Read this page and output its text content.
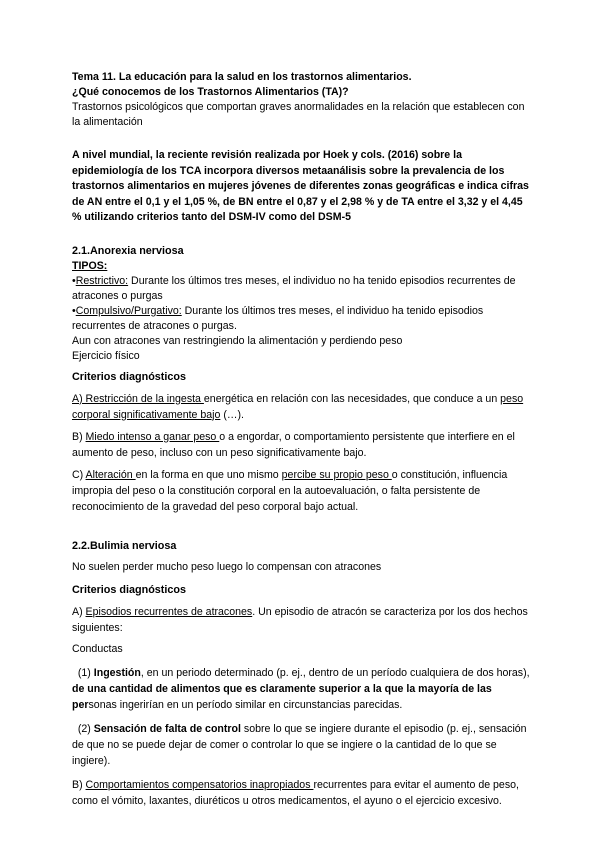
Tema 11. La educación para la salud en los trastornos alimentarios.

¿Qué conocemos de los Trastornos Alimentarios (TA)?

Trastornos psicológicos que comportan graves anormalidades en la relación que establecen con la alimentación

A nivel mundial, la reciente revisión realizada por Hoek y cols. (2016) sobre la epidemiología de los TCA incorpora diversos metaanálisis sobre la prevalencia de los trastornos alimentarios en mujeres jóvenes de diferentes zonas geográficas e indica cifras de AN entre el 0,1 y el 1,05 %, de BN entre el 0,87 y el 2,98 % y de TA entre el 3,32 y el 4,45 % utilizando criterios tanto del DSM-IV como del DSM-5

2.1.Anorexia nerviosa

TIPOS:

•Restrictivo: Durante los últimos tres meses, el individuo no ha tenido episodios recurrentes de atracones o purgas

•Compulsivo/Purgativo: Durante los últimos tres meses, el individuo ha tenido episodios recurrentes de atracones o purgas.

Aun con atracones van restringiendo la alimentación y perdiendo peso

Ejercicio físico

Criterios diagnósticos

A) Restricción de la ingesta energética en relación con las necesidades, que conduce a un peso corporal significativamente bajo (…).

B) Miedo intenso a ganar peso o a engordar, o comportamiento persistente que interfiere en el aumento de peso, incluso con un peso significativamente bajo.

C) Alteración en la forma en que uno mismo percibe su propio peso o constitución, influencia impropia del peso o la constitución corporal en la autoevaluación, o falta persistente de reconocimiento de la gravedad del peso corporal bajo actual.

2.2.Bulimia nerviosa

No suelen perder mucho peso luego lo compensan con atracones

Criterios diagnósticos

A) Episodios recurrentes de atracones. Un episodio de atracón se caracteriza por los dos hechos siguientes:

Conductas

(1) Ingestión, en un periodo determinado (p. ej., dentro de un período cualquiera de dos horas), de una cantidad de alimentos que es claramente superior a la que la mayoría de las personas ingerirían en un período similar en circunstancias parecidas.

(2) Sensación de falta de control sobre lo que se ingiere durante el episodio (p. ej., sensación de que no se puede dejar de comer o controlar lo que se ingiere o la cantidad de lo que se ingiere).

B) Comportamientos compensatorios inapropiados recurrentes para evitar el aumento de peso, como el vómito, laxantes, diuréticos u otros medicamentos, el ayuno o el ejercicio excesivo.
